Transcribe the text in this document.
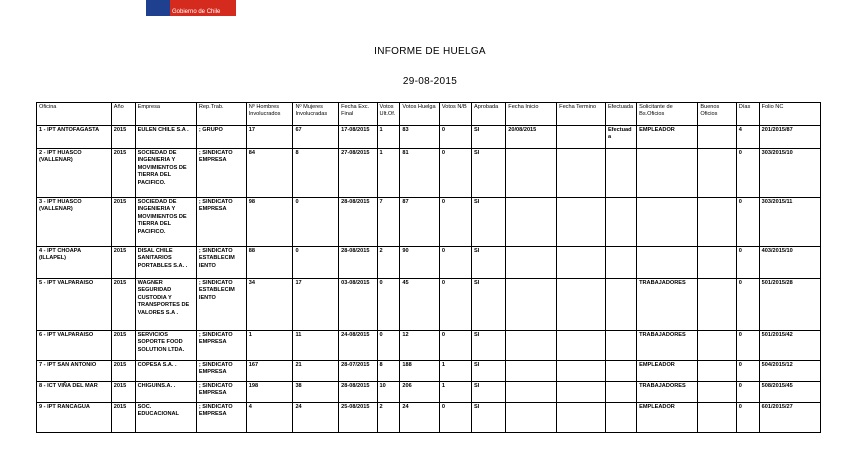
Gobierno de Chile
INFORME DE HUELGA
29-08-2015
Oficina	Año	Empresa	Rep.Trab.	Nº Hombres Involucrados	Nº Mujeres Involucradas	Fecha Exc. Final	Votos Ult.Of.	Votos Huelga	Votos N/B	Aprobada	Fecha Inicio	Fecha Termino	Efectuada	Solicitante de Bs.Oficios	Buenos Oficios	Días	Folio NC
1 - IPT ANTOFAGASTA	2015	EULEN CHILE S.A .	; GRUPO	17	67	17-08/2015	1	83	0	SI	20/08/2015		Efectuada	EMPLEADOR		4	201/2015/87
2 - IPT HUASCO (VALLENAR)	2015	SOCIEDAD DE INGENIERIA Y MOVIMIENTOS DE TIERRA DEL PACIFICO.	; SINDICATO EMPRESA	84	8	27-08/2015	1	81	0	SI						0	303/2015/10
3 - IPT HUASCO (VALLENAR)	2015	SOCIEDAD DE INGENIERIA Y MOVIMIENTOS DE TIERRA DEL PACIFICO.	; SINDICATO EMPRESA	98	0	28-08/2015	7	87	0	SI						0	303/2015/11
4 - IPT CHOAPA (ILLAPEL)	2015	DISAL CHILE SANITARIOS PORTABLES S.A. .	; SINDICATO ESTABLECIM IENTO	88	0	28-08/2015	2	90	0	SI						0	403/2015/10
5 - IPT VALPARAISO	2015	WAGNER SEGURIDAD CUSTODIA Y TRANSPORTES DE VALORES S.A .	; SINDICATO ESTABLECIM IENTO	34	17	03-08/2015	0	45	0	SI				TRABAJADORES		0	501/2015/28
6 - IPT VALPARAISO	2015	SERVICIOS SOPORTE FOOD SOLUTION LTDA.	; SINDICATO EMPRESA	1	11	24-08/2015	0	12	0	SI				TRABAJADORES		0	501/2015/42
7 - IPT SAN ANTONIO	2015	COPESA S.A. .	; SINDICATO EMPRESA	167	21	28-07/2015	8	188	1	SI				EMPLEADOR		0	504/2015/12
8 - ICT VIÑA DEL MAR	2015	CHIGUINS.A. .	; SINDICATO EMPRESA	198	38	28-08/2015	10	206	1	SI				TRABAJADORES		0	508/2015/45
9 - IPT RANCAGUA	2015	SOC. EDUCACIONAL	; SINDICATO EMPRESA	4	24	25-08/2015	2	24	0	SI				EMPLEADOR		0	601/2015/27
